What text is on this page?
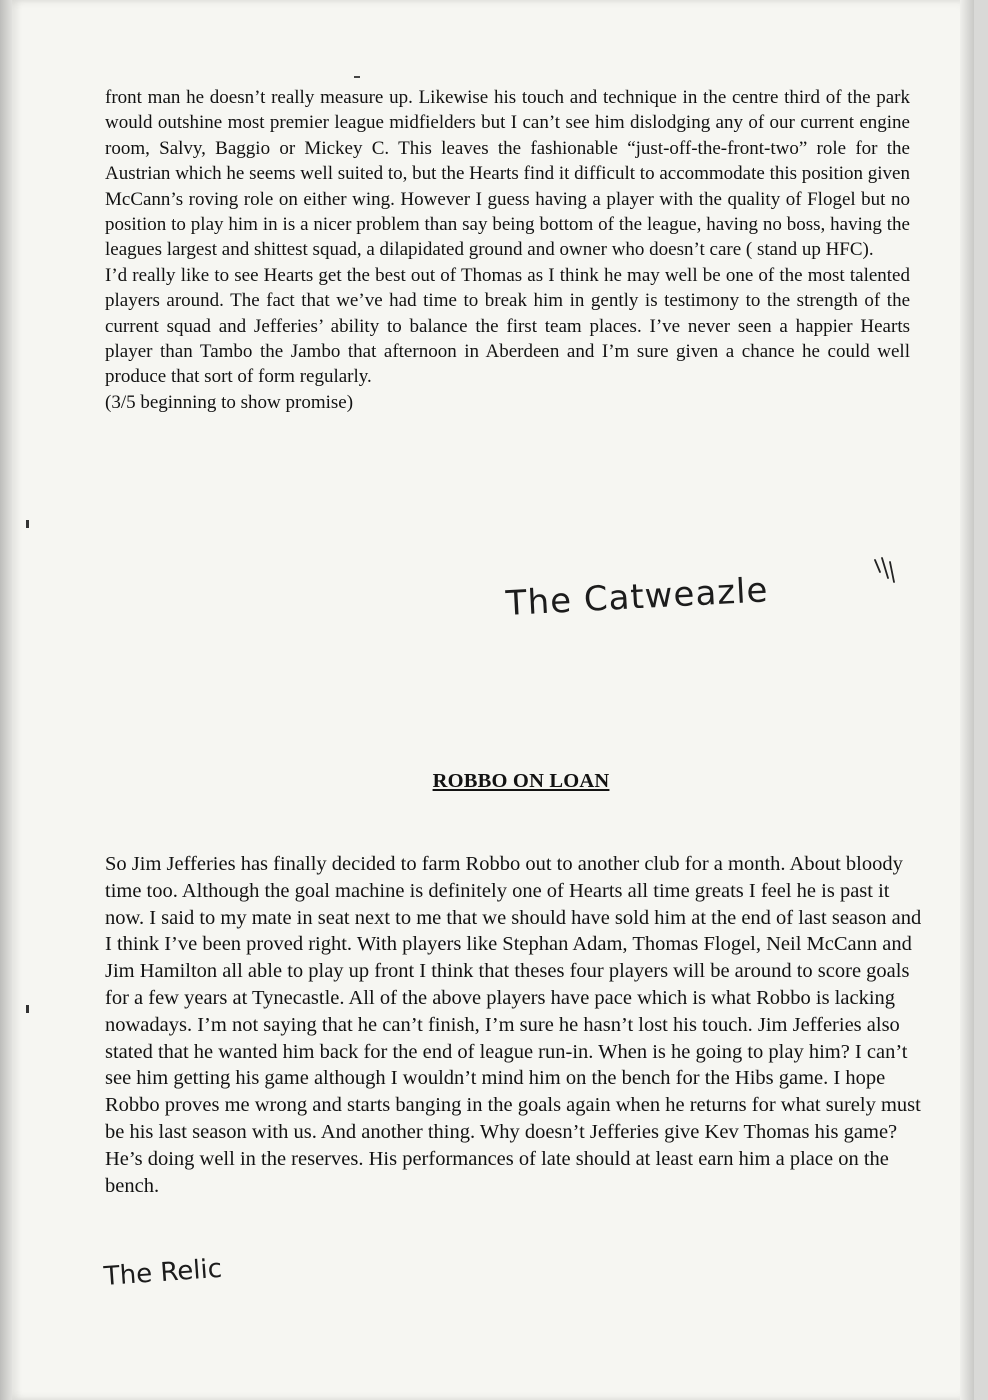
front man he doesn’t really measure up. Likewise his touch and technique in the centre third of the park would outshine most premier league midfielders but I can’t see him dislodging any of our current engine room, Salvy, Baggio or Mickey C. This leaves the fashionable “just-off-the-front-two” role for the Austrian which he seems well suited to, but the Hearts find it difficult to accommodate this position given McCann’s roving role on either wing. However I guess having a player with the quality of Flogel but no position to play him in is a nicer problem than say being bottom of the league, having no boss, having the leagues largest and shittest squad, a dilapidated ground and owner who doesn’t care ( stand up HFC).

I’d really like to see Hearts get the best out of Thomas as I think he may well be one of the most talented players around. The fact that we’ve had time to break him in gently is testimony to the strength of the current squad and Jefferies’ ability to balance the first team places. I’ve never seen a happier Hearts player than Tambo the Jambo that afternoon in Aberdeen and I’m sure given a chance he could well produce that sort of form regularly.

(3/5 beginning to show promise)

The Catweazle
ROBBO ON LOAN

So Jim Jefferies has finally decided to farm Robbo out to another club for a month. About bloody time too. Although the goal machine is definitely one of Hearts all time greats I feel he is past it now. I said to my mate in seat next to me that we should have sold him at the end of last season and I think I’ve been proved right. With players like Stephan Adam, Thomas Flogel, Neil McCann and Jim Hamilton all able to play up front I think that theses four players will be around to score goals for a few years at Tynecastle. All of the above players have pace which is what Robbo is lacking nowadays. I’m not saying that he can’t finish, I’m sure he hasn’t lost his touch. Jim Jefferies also stated that he wanted him back for the end of league run-in. When is he going to play him? I can’t see him getting his game although I wouldn’t mind him on the bench for the Hibs game. I hope Robbo proves me wrong and starts banging in the goals again when he returns for what surely must be his last season with us. And another thing. Why doesn’t Jefferies give Kev Thomas his game? He’s doing well in the reserves. His performances of late should at least earn him a place on the bench.

The Relic
